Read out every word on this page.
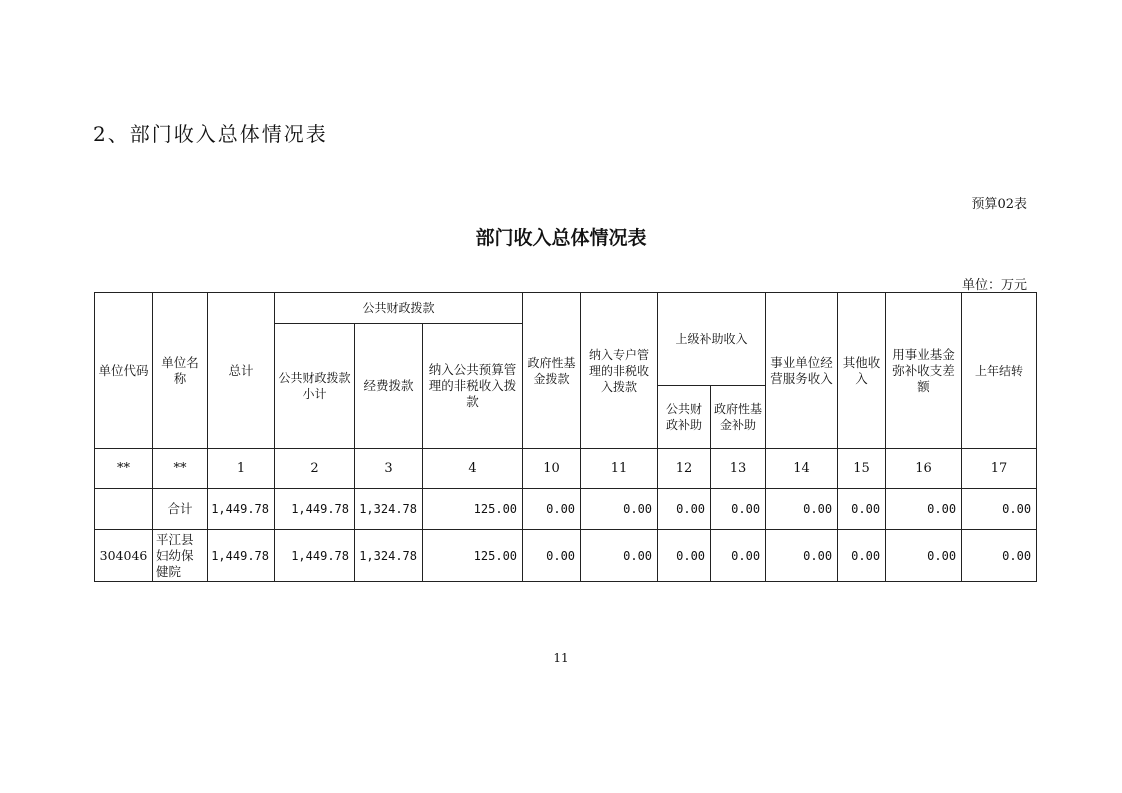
2、部门收入总体情况表
预算02表
部门收入总体情况表
单位：万元
单位代码	单位名称	总计	公共财政拨款			政府性基金拨款	纳入专户管理的非税收入拨款	上级补助收入		事业单位经营服务收入	其他收入	用事业基金弥补收支差额	上年结转
			公共财政拨款小计	经费拨款	纳入公共预算管理的非税收入拨款								
								公共财政补助	政府性基金补助				
**	**	1	2	3	4	10	11	12	13	14	15	16	17
	合计	1,449.78	1,449.78	1,324.78	125.00	0.00	0.00	0.00	0.00	0.00	0.00	0.00	0.00
304046	平江县妇幼保健院	1,449.78	1,449.78	1,324.78	125.00	0.00	0.00	0.00	0.00	0.00	0.00	0.00	0.00
11
